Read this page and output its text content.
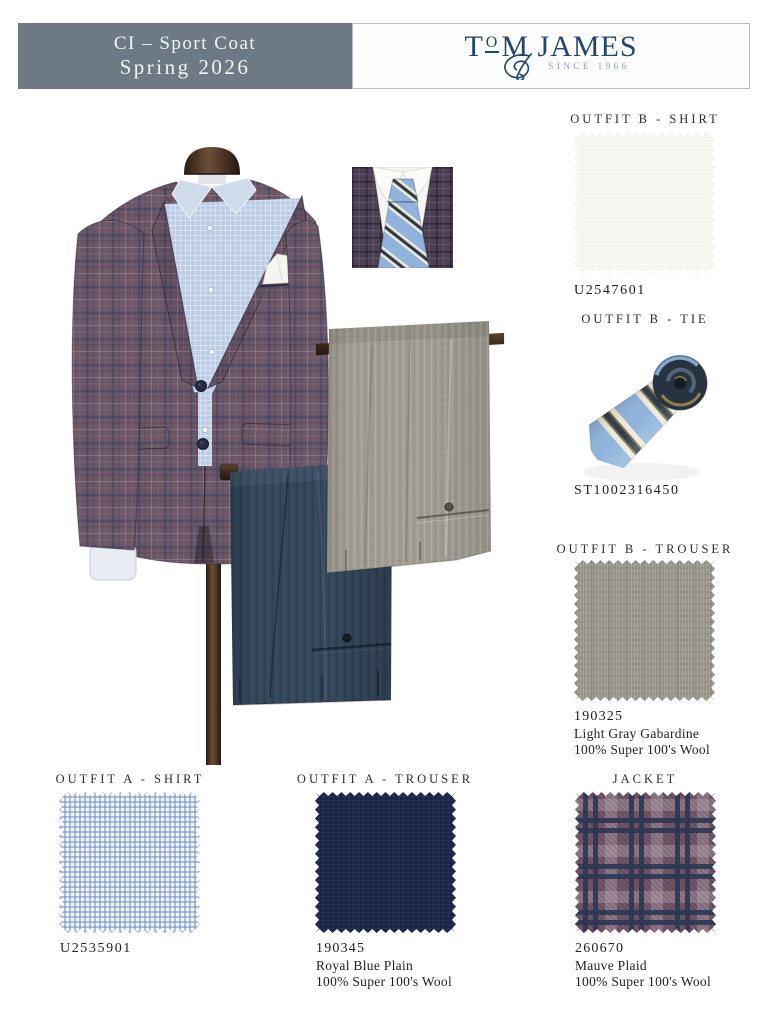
CI – Sport Coat
Spring 2026
T O M JAMES
SINCE 1966
OUTFIT B - SHIRT
U2547601
OUTFIT B - TIE
ST1002316450
OUTFIT B - TROUSER
190325
Light Gray Gabardine
100% Super 100's Wool
OUTFIT A - SHIRT
U2535901
OUTFIT A - TROUSER
190345
Royal Blue Plain
100% Super 100's Wool
JACKET
260670
Mauve Plaid
100% Super 100's Wool
